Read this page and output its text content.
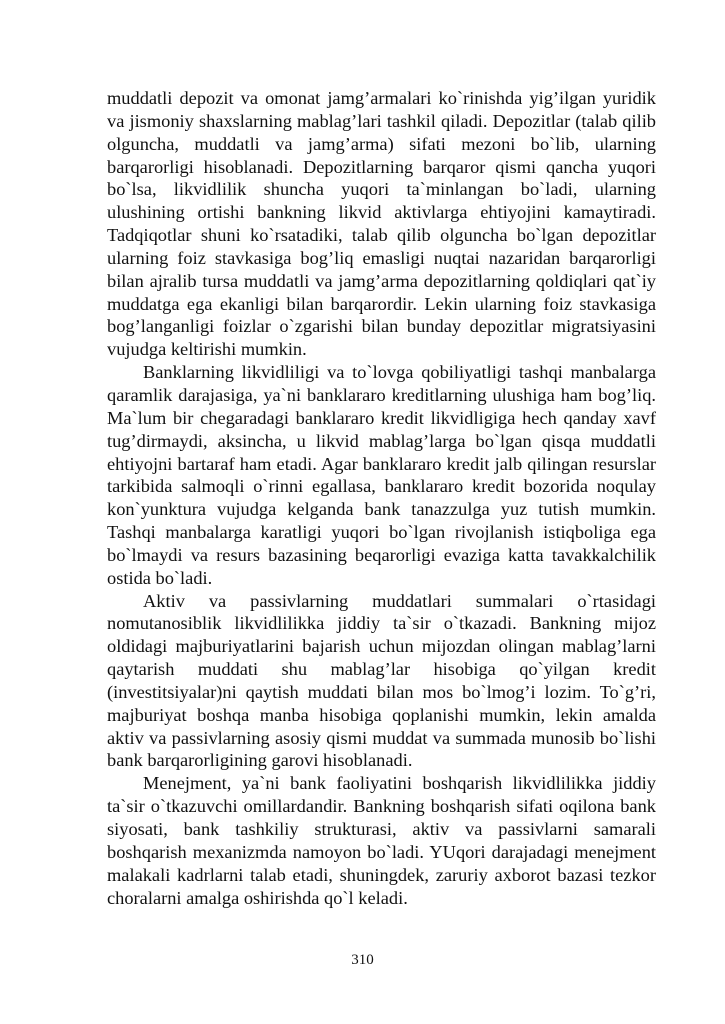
muddatli depozit va omonat jamg’armalari ko`rinishda yig’ilgan yuridik va jismoniy shaxslarning mablag’lari tashkil qiladi. Depozitlar (talab qilib olguncha, muddatli va jamg’arma) sifati mezoni bo`lib, ularning barqarorligi hisoblanadi. Depozitlarning barqaror qismi qancha yuqori bo`lsa, likvidlilik shuncha yuqori ta`minlangan bo`ladi, ularning ulushining ortishi bankning likvid aktivlarga ehtiyojini kamaytiradi. Tadqiqotlar shuni ko`rsatadiki, talab qilib olguncha bo`lgan depozitlar ularning foiz stavkasiga bog’liq emasligi nuqtai nazaridan barqarorligi bilan ajralib tursa muddatli va jamg’arma depozitlarning qoldiqlari qat`iy muddatga ega ekanligi bilan barqarordir. Lekin ularning foiz stavkasiga bog’langanligi foizlar o`zgarishi bilan bunday depozitlar migratsiyasini vujudga keltirishi mumkin.

Banklarning likvidliligi va to`lovga qobiliyatligi tashqi manbalarga qaramlik darajasiga, ya`ni banklararo kreditlarning ulushiga ham bog’liq. Ma`lum bir chegaradagi banklararo kredit likvidligiga hech qanday xavf tug’dirmaydi, aksincha, u likvid mablag’larga bo`lgan qisqa muddatli ehtiyojni bartaraf ham etadi. Agar banklararo kredit jalb qilingan resurslar tarkibida salmoqli o`rinni egallasa, banklararo kredit bozorida noqulay kon`yunktura vujudga kelganda bank tanazzulga yuz tutish mumkin. Tashqi manbalarga karatligi yuqori bo`lgan rivojlanish istiqboliga ega bo`lmaydi va resurs bazasining beqarorligi evaziga katta tavakkalchilik ostida bo`ladi.

Aktiv va passivlarning muddatlari summalari o`rtasidagi nomutanosiblik likvidlilikka jiddiy ta`sir o`tkazadi. Bankning mijoz oldidagi majburiyatlarini bajarish uchun mijozdan olingan mablag’larni qaytarish muddati shu mablag’lar hisobiga qo`yilgan kredit (investitsiyalar)ni qaytish muddati bilan mos bo`lmog’i lozim. To`g’ri, majburiyat boshqa manba hisobiga qoplanishi mumkin, lekin amalda aktiv va passivlarning asosiy qismi muddat va summada munosib bo`lishi bank barqarorligining garovi hisoblanadi.

Menejment, ya`ni bank faoliyatini boshqarish likvidlilikka jiddiy ta`sir o`tkazuvchi omillardandir. Bankning boshqarish sifati oqilona bank siyosati, bank tashkiliy strukturasi, aktiv va passivlarni samarali boshqarish mexanizmda namoyon bo`ladi. YUqori darajadagi menejment malakali kadrlarni talab etadi, shuningdek, zaruriy axborot bazasi tezkor choralarni amalga oshirishda qo`l keladi.

310
